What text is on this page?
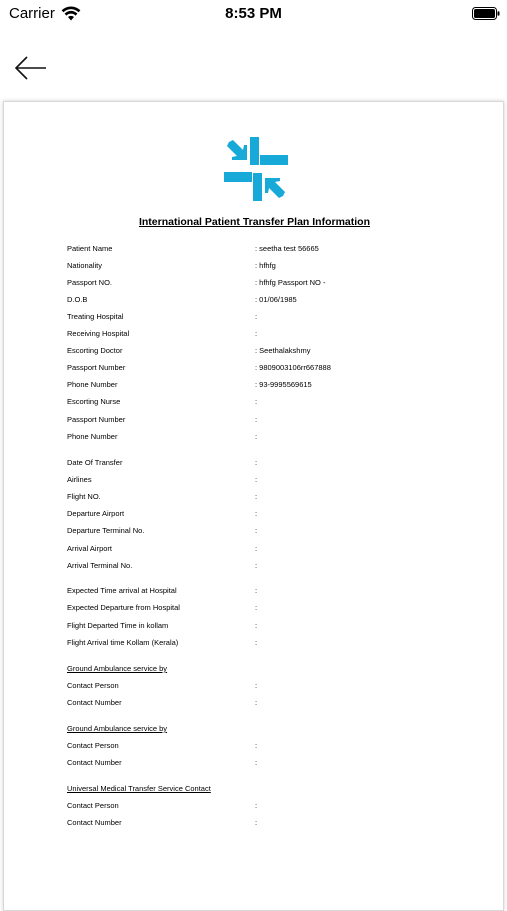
Carrier	8:53 PM
International Patient Transfer Plan Information
Patient Name	: seetha test 56665
Nationality	: hfhfg
Passport NO.	: hfhfg Passport NO -
D.O.B	: 01/06/1985
Treating Hospital	:
Receiving Hospital	:
Escorting Doctor	: Seethalakshmy
Passport Number	: 9809003106rr667888
Phone Number	: 93-9995569615
Escorting Nurse	:
Passport Number	:
Phone Number	:
Date Of Transfer	:
Airlines	:
Flight NO.	:
Departure Airport	:
Departure Terminal No.	:
Arrival Airport	:
Arrival Terminal No.	:
Expected Time arrival at Hospital	:
Expected Departure from Hospital	:
Flight Departed Time in kollam	:
Flight Arrival time Kollam (Kerala)	:
Contact Person	:
Contact Number	:
Contact Person	:
Contact Number	:
Contact Person	:
Contact Number	:
Ground Ambulance service by
Ground Ambulance service by
Universal Medical Transfer Service Contact
